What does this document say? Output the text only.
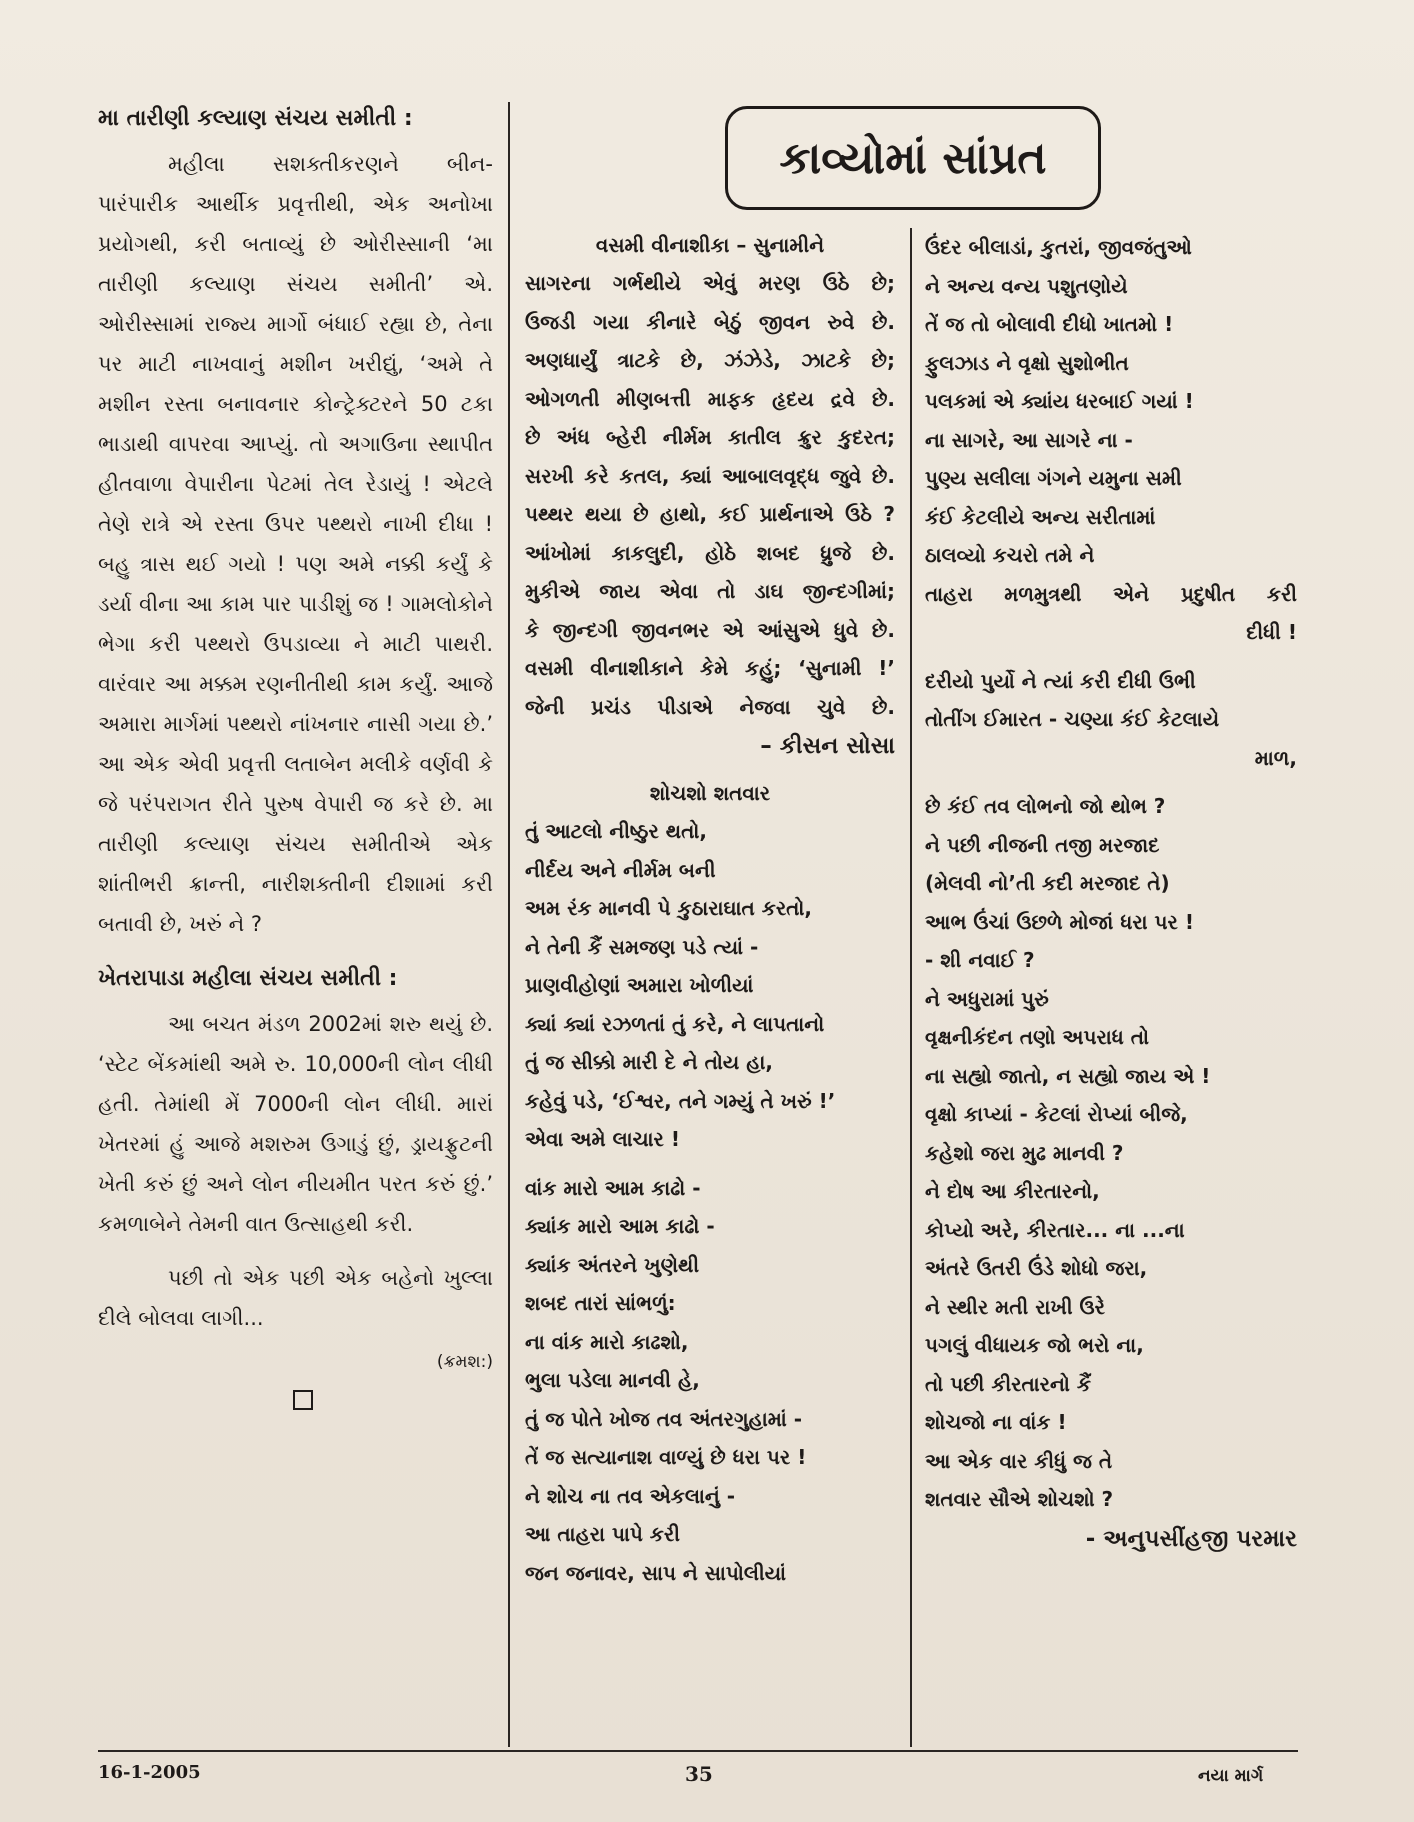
કાવ્યોમાં સાંપ્રત
મા તારીણી કલ્યાણ સંચય સમીતી :

મહીલા સશક્તીકરણને બીન- પારંપારીક આર્થીક પ્રવૃત્તીથી, એક અનોખા પ્રયોગથી, કરી બતાવ્યું છે ઓરીસ્સાની ‘મા તારીણી કલ્યાણ સંચય સમીતી’ એ. ઓરીસ્સામાં રાજ્ય માર્ગો બંધાઈ રહ્યા છે, તેના પર માટી નાખવાનું મશીન ખરીદ્યું, ‘અમે તે મશીન રસ્તા બનાવનાર કોન્ટ્રેક્ટરને 50 ટકા ભાડાથી વાપરવા આપ્યું. તો અગાઉના સ્થાપીત હીતવાળા વેપારીના પેટમાં તેલ રેડાયું ! એટલે તેણે રાત્રે એ રસ્તા ઉપર પથ્થરો નાખી દીધા ! બહુ ત્રાસ થઈ ગયો ! પણ અમે નક્કી કર્યું કે ડર્યા વીના આ કામ પાર પાડીશું જ ! ગામલોકોને ભેગા કરી પથ્થરો ઉપડાવ્યા ને માટી પાથરી. વારંવાર આ મક્કમ રણનીતીથી કામ કર્યું. આજે અમારા માર્ગમાં પથ્થરો નાંખનાર નાસી ગયા છે.’ આ એક એવી પ્રવૃત્તી લતાબેન મલીકે વર્ણવી કે જે પરંપરાગત રીતે પુરુષ વેપારી જ કરે છે. મા તારીણી કલ્યાણ સંચય સમીતીએ એક શાંતીભરી ક્રાન્તી, નારીશક્તીની દીશામાં કરી બતાવી છે, ખરું ને ?

ખેતરાપાડા મહીલા સંચય સમીતી :

આ બચત મંડળ 2002માં શરુ થયું છે. ‘સ્ટેટ બેંકમાંથી અમે રુ. 10,000ની લોન લીધી હતી. તેમાંથી મેં 7000ની લોન લીધી. મારાં ખેતરમાં હું આજે મશરુમ ઉગાડું છું, ડ્રાયફ્રુટની ખેતી કરું છું અને લોન નીયમીત પરત કરું છું.’ કમળાબેને તેમની વાત ઉત્સાહથી કરી.

પછી તો એક પછી એક બહેનો ખુલ્લા દીલે બોલવા લાગી...

(ક્રમશ:)
વસમી વીનાશીકા – સુનામીને
સાગરના ગર્ભથીયે એવું મરણ ઉઠે છે;
ઉજડી ગયા કીનારે બેઠું જીવન રુવે છે.
અણધાર્યું ત્રાટકે છે, ઝંઝેડે, ઝાટકે છે;
ઓગળતી મીણબત્તી માફક હૃદય દ્રવે છે.
છે અંધ બ્હેરી નીર્મમ કાતીલ ક્રુર કુદરત;
સરખી કરે કતલ, ક્યાં આબાલવૃદ્ધ જુવે છે.
પથ્થર થયા છે હાથો, કઈ પ્રાર્થનાએ ઉઠે ?
આંખોમાં કાકલુદી, હોઠે શબદ ધ્રુજે છે.
મુકીએ જાય એવા તો ડાઘ જીન્દગીમાં;
કે જીન્દગી જીવનભર એ આંસુએ ધુવે છે.
વસમી વીનાશીકાને કેમે કહું; ‘સુનામી !’
જેની પ્રચંડ પીડાએ નેજવા ચુવે છે.
– કીસન સોસા
શોચશો શતવાર
તું આટલો નીષ્ઠુર થતો,
નીર્દય અને નીર્મમ બની
અમ રંક માનવી પે કુઠારાઘાત કરતો,
ને તેની કૈં સમજણ પડે ત્યાં -
પ્રાણવીહોણાં અમારા ખોળીયાં
ક્યાં ક્યાં રઝળતાં તું કરે, ને લાપતાનો
તું જ સીક્કો મારી દે ને તોય હા,
કહેવું પડે, ‘ઈશ્વર, તને ગમ્યું તે ખરું !’
એવા અમે લાચાર !
વાંક મારો આમ કાઢો -
ક્યાંક મારો આમ કાઢો -
ક્યાંક અંતરને ખુણેથી
શબદ તારાં સાંભળું:
ના વાંક મારો કાઢશો,
ભુલા પડેલા માનવી હે,
તું જ પોતે ખોજ તવ અંતરગુહામાં -
તેં જ સત્યાનાશ વાળ્યું છે ધરા પર !
ને શોચ ના તવ એકલાનું -
આ તાહરા પાપે કરી
જન જનાવર, સાપ ને સાપોલીયાં
ઉંદર બીલાડાં, કુતરાં, જીવજંતુઓ
ને અન્ય વન્ય પશુતણોયે
તેં જ તો બોલાવી દીધો ખાતમો !
ફુલઝાડ ને વૃક્ષો સુશોભીત
પલકમાં એ ક્યાંય ધરબાઈ ગયાં !
ના સાગરે, આ સાગરે ના -
પુણ્ય સલીલા ગંગને યમુના સમી
કંઈ કેટલીયે અન્ય સરીતામાં
ઠાલવ્યો કચરો તમે ને
તાહરા મળમુત્રથી એને પ્રદુષીત કરી
દીધી !
દરીયો પુર્યો ને ત્યાં કરી દીધી ઉભી
તોતીંગ ઈમારત - ચણ્યા કંઈ કેટલાયે
માળ,
છે કંઈ તવ લોભનો જો થોભ ?
ને પછી નીજની તજી મરજાદ
(મેલવી નો’તી કદી મરજાદ તે)
આભ ઉંચાં ઉછળે મોજાં ધરા પર !
- શી નવાઈ ?
ને અધુરામાં પુરું
વૃક્ષનીકંદન તણો અપરાધ તો
ના સહ્યો જાતો, ન સહ્યો જાય એ !
વૃક્ષો કાપ્યાં - કેટલાં રોપ્યાં બીજે,
કહેશો જરા મુઢ માનવી ?
ને દોષ આ કીરતારનો,
કોપ્યો અરે, કીરતાર... ના ...ના
અંતરે ઉતરી ઉંડે શોધો જરા,
ને સ્થીર મતી રાખી ઉરે
પગલું વીધાયક જો ભરો ના,
તો પછી કીરતારનો કૈં
શોચજો ના વાંક !
આ એક વાર કીધું જ તે
શતવાર સૌએ શોચશો ?
- અનુપસીંહજી પરમાર
16-1-2005	35	નયા માર્ગ
